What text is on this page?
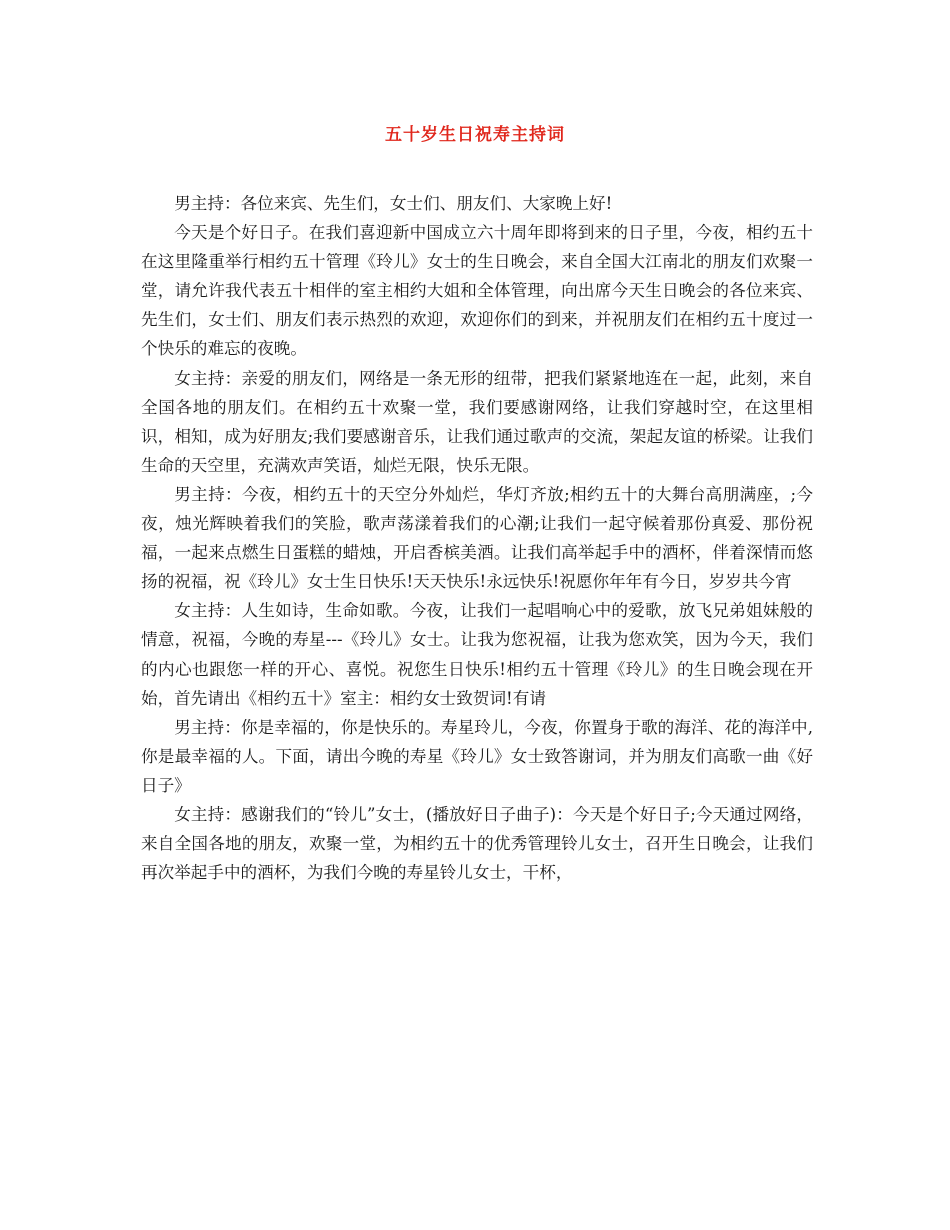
五十岁生日祝寿主持词

男主持：各位来宾、先生们，女士们、朋友们、大家晚上好!

今天是个好日子。在我们喜迎新中国成立六十周年即将到来的日子里，今夜，相约五十在这里隆重举行相约五十管理《玲儿》女士的生日晚会，来自全国大江南北的朋友们欢聚一堂，请允许我代表五十相伴的室主相约大姐和全体管理，向出席今天生日晚会的各位来宾、先生们，女士们、朋友们表示热烈的欢迎，欢迎你们的到来，并祝朋友们在相约五十度过一个快乐的难忘的夜晚。

女主持：亲爱的朋友们，网络是一条无形的纽带，把我们紧紧地连在一起，此刻，来自全国各地的朋友们。在相约五十欢聚一堂，我们要感谢网络，让我们穿越时空，在这里相识，相知，成为好朋友;我们要感谢音乐，让我们通过歌声的交流，架起友谊的桥梁。让我们生命的天空里，充满欢声笑语，灿烂无限，快乐无限。

男主持：今夜，相约五十的天空分外灿烂，华灯齐放;相约五十的大舞台高朋满座，;今夜，烛光辉映着我们的笑脸，歌声荡漾着我们的心潮;让我们一起守候着那份真爱、那份祝福，一起来点燃生日蛋糕的蜡烛，开启香槟美酒。让我们高举起手中的酒杯，伴着深情而悠扬的祝福，祝《玲儿》女士生日快乐!天天快乐!永远快乐!祝愿你年年有今日，岁岁共今宵

女主持：人生如诗，生命如歌。今夜，让我们一起唱响心中的爱歌，放飞兄弟姐妹般的情意，祝福，今晚的寿星---《玲儿》女士。让我为您祝福，让我为您欢笑，因为今天，我们的内心也跟您一样的开心、喜悦。祝您生日快乐!相约五十管理《玲儿》的生日晚会现在开始，首先请出《相约五十》室主：相约女士致贺词!有请

男主持：你是幸福的，你是快乐的。寿星玲儿，今夜，你置身于歌的海洋、花的海洋中,你是最幸福的人。下面，请出今晚的寿星《玲儿》女士致答谢词，并为朋友们高歌一曲《好日子》

女主持：感谢我们的“铃儿”女士，(播放好日子曲子)：今天是个好日子;今天通过网络，来自全国各地的朋友，欢聚一堂，为相约五十的优秀管理铃儿女士，召开生日晚会，让我们再次举起手中的酒杯，为我们今晚的寿星铃儿女士，干杯，
